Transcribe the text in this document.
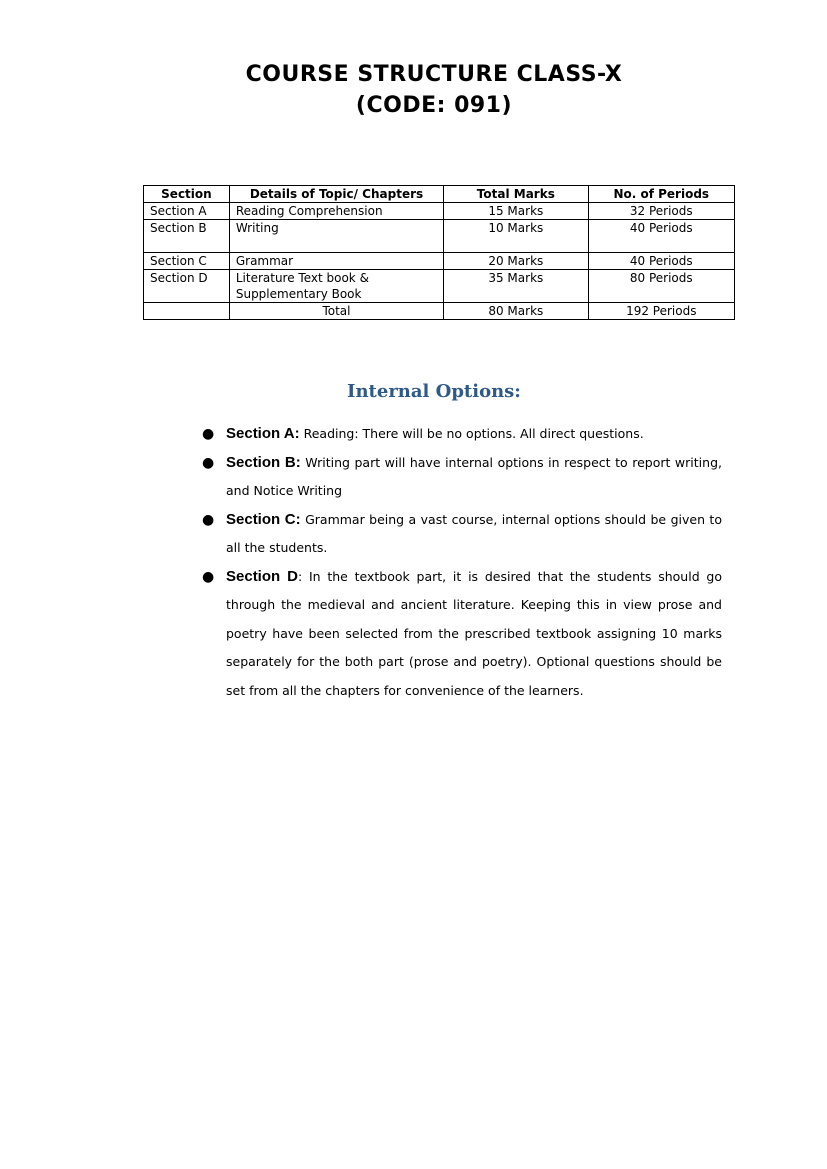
COURSE STRUCTURE CLASS-X
(CODE: 091)
Section	Details of Topic/ Chapters	Total Marks	No. of Periods
Section A	Reading Comprehension	15 Marks	32 Periods
Section B	Writing	10 Marks	40 Periods
Section C	Grammar	20 Marks	40 Periods
Section D	Literature Text book &
Supplementary Book	35 Marks	80 Periods
	Total	80 Marks	192 Periods
Internal Options:
● Section A: Reading: There will be no options. All direct questions.
● Section B: Writing part will have internal options in respect to report writing, and Notice Writing
● Section C: Grammar being a vast course, internal options should be given to all the students.
● Section D: In the textbook part, it is desired that the students should go through the medieval and ancient literature. Keeping this in view prose and poetry have been selected from the prescribed textbook assigning 10 marks separately for the both part (prose and poetry). Optional questions should be set from all the chapters for convenience of the learners.
